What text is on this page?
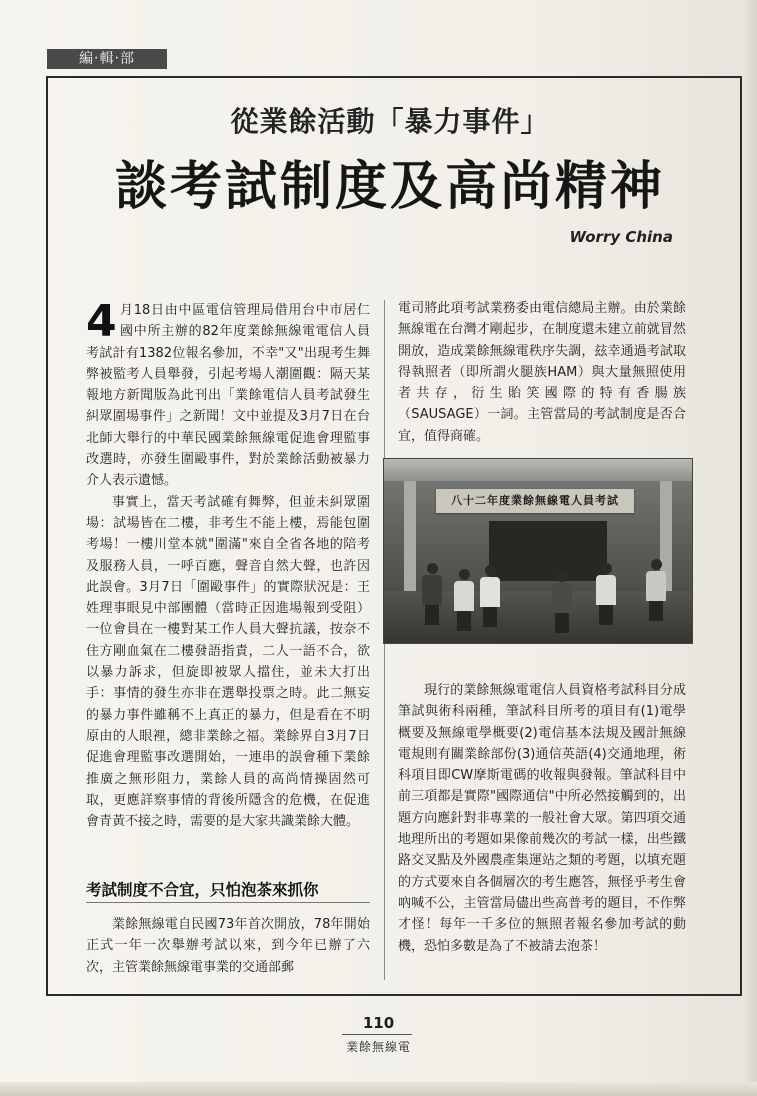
編‧輯‧部
從業餘活動「暴力事件」
談考試制度及高尚精神
Worry China

4 月18日由中區電信管理局借用台中市居仁國中所主辦的82年度業餘無線電電信人員考試計有1382位報名參加，不幸"又"出現考生舞弊被監考人員舉發，引起考場人潮圍觀：隔天某報地方新聞版為此刊出「業餘電信人員考試發生糾眾圍場事件」之新聞！文中並提及3月7日在台北師大舉行的中華民國業餘無線電促進會理監事改選時，亦發生圍毆事件，對於業餘活動被暴力介人表示遺憾。

事實上，當天考試確有舞弊，但並未糾眾圍場：試場皆在二樓，非考生不能上樓，焉能包圍考場！一樓川堂本就"圍滿"來自全省各地的陪考及服務人員，一呼百應，聲音自然大聲，也許因此誤會。3月7日「圍毆事件」的實際狀況是：王姓理事眼見中部團體（當時正因進場報到受阻）一位會員在一樓對某工作人員大聲抗議，按奈不住方剛血氣在二樓發語指責，二人一語不合，欲以暴力訴求，但旋即被眾人擋住，並未大打出手：事情的發生亦非在選舉投票之時。此二無妄的暴力事件雖稱不上真正的暴力，但是看在不明原由的人眼裡，總非業餘之福。業餘界自3月7日促進會理監事改選開始，一連串的誤會種下業餘推廣之無形阻力，業餘人員的高尚情操固然可取，更應詳察事情的背後所隱含的危機，在促進會青黃不接之時，需要的是大家共識業餘大體。

考試制度不合宜，只怕泡茶來抓你

業餘無線電自民國73年首次開放，78年開始正式一年一次舉辦考試以來，到今年已辦了六次，主管業餘無線電事業的交通部郵

電司將此項考試業務委由電信總局主辦。由於業餘無線電在台灣才剛起步，在制度還未建立前就冒然開放，造成業餘無線電秩序失調，玆幸通過考試取得執照者（即所謂火腿族HAM）與大量無照使用者共存，衍生貽笑國際的特有香腸族（SAUSAGE）一詞。主管當局的考試制度是否合宜，值得商確。

八十二年度業餘無線電人員考試

現行的業餘無線電電信人員資格考試科目分成筆試與術科兩種，筆試科目所考的項目有(1)電學概要及無線電學概要(2)電信基本法規及國計無線電規則有關業餘部份(3)通信英語(4)交通地理，術科項目即CW摩斯電碼的收報與發報。筆試科目中前三項都是實際"國際通信"中所必然接觸到的，出題方向應針對非專業的一般社會大眾。第四項交通地理所出的考題如果像前幾次的考試一樣，出些鐵路交叉點及外國農產集運站之類的考題，以填充題的方式要來自各個層次的考生應答，無怪乎考生會吶喊不公，主管當局儘出些高普考的題目，不作弊才怪！每年一千多位的無照者報名參加考試的動機，恐怕多數是為了不被請去泡茶！

110
業餘無線電
